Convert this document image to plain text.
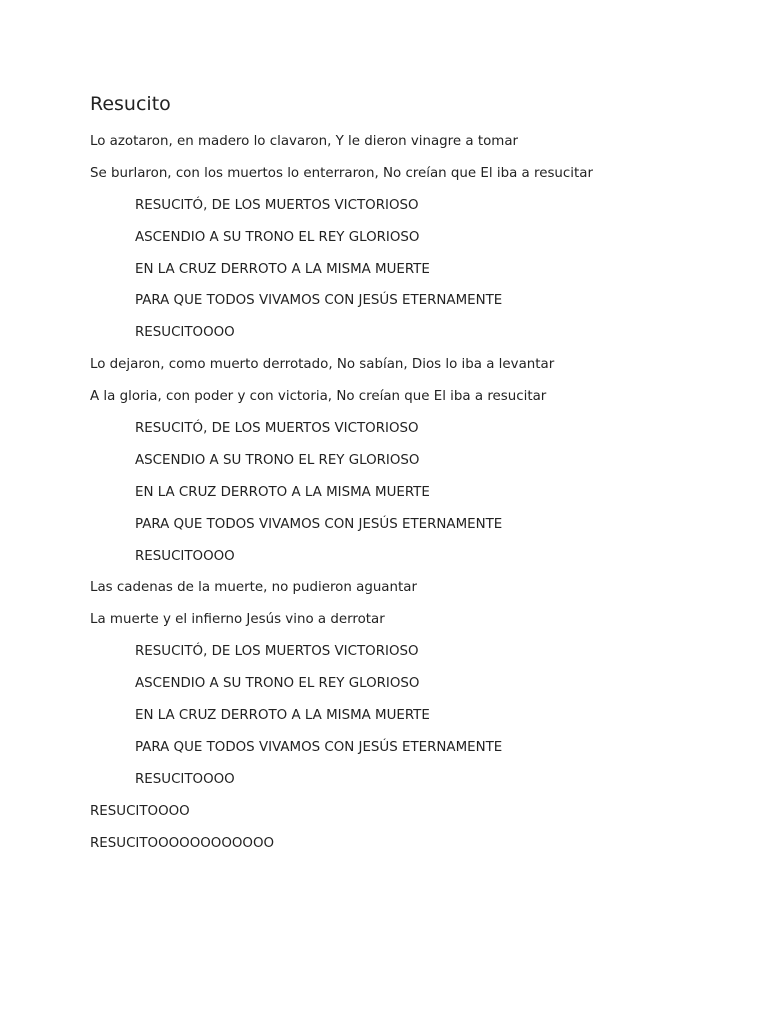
Resucito
Lo azotaron, en madero lo clavaron, Y le dieron vinagre a tomar
Se burlaron, con los muertos lo enterraron, No creían que El iba a resucitar
RESUCITÓ, DE LOS MUERTOS VICTORIOSO
ASCENDIO A SU TRONO EL REY GLORIOSO
EN LA CRUZ DERROTO A LA MISMA MUERTE
PARA QUE TODOS VIVAMOS CON JESÚS ETERNAMENTE
RESUCITOOOO
Lo dejaron, como muerto derrotado, No sabían, Dios lo iba a levantar
A la gloria, con poder y con victoria, No creían que El iba a resucitar
RESUCITÓ, DE LOS MUERTOS VICTORIOSO
ASCENDIO A SU TRONO EL REY GLORIOSO
EN LA CRUZ DERROTO A LA MISMA MUERTE
PARA QUE TODOS VIVAMOS CON JESÚS ETERNAMENTE
RESUCITOOOO
Las cadenas de la muerte, no pudieron aguantar
La muerte y el infierno Jesús vino a derrotar
RESUCITÓ, DE LOS MUERTOS VICTORIOSO
ASCENDIO A SU TRONO EL REY GLORIOSO
EN LA CRUZ DERROTO A LA MISMA MUERTE
PARA QUE TODOS VIVAMOS CON JESÚS ETERNAMENTE
RESUCITOOOO
RESUCITOOOO
RESUCITOOOOOOOOOOOO
